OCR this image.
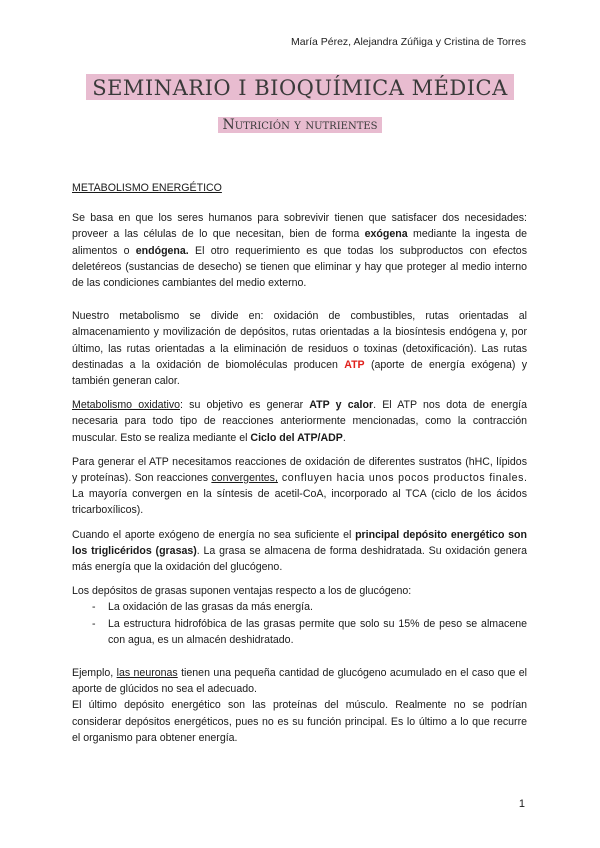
María Pérez, Alejandra Zúñiga y Cristina de Torres
SEMINARIO I BIOQUÍMICA MÉDICA
Nutrición y nutrientes
METABOLISMO ENERGÉTICO

Se basa en que los seres humanos para sobrevivir tienen que satisfacer dos necesidades: proveer a las células de lo que necesitan, bien de forma exógena mediante la ingesta de alimentos o endógena. El otro requerimiento es que todas los subproductos con efectos deletéreos (sustancias de desecho) se tienen que eliminar y hay que proteger al medio interno de las condiciones cambiantes del medio externo.

Nuestro metabolismo se divide en: oxidación de combustibles, rutas orientadas al almacenamiento y movilización de depósitos, rutas orientadas a la biosíntesis endógena y, por último, las rutas orientadas a la eliminación de residuos o toxinas (detoxificación). Las rutas destinadas a la oxidación de biomoléculas producen ATP (aporte de energía exógena) y también generan calor.

Metabolismo oxidativo: su objetivo es generar ATP y calor. El ATP nos dota de energía necesaria para todo tipo de reacciones anteriormente mencionadas, como la contracción muscular. Esto se realiza mediante el Ciclo del ATP/ADP.

Para generar el ATP necesitamos reacciones de oxidación de diferentes sustratos (hHC, lípidos y proteínas). Son reacciones convergentes, confluyen hacia unos pocos productos finales. La mayoría convergen en la síntesis de acetil-CoA, incorporado al TCA (ciclo de los ácidos tricarboxílicos).

Cuando el aporte exógeno de energía no sea suficiente el principal depósito energético son los triglicéridos (grasas). La grasa se almacena de forma deshidratada. Su oxidación genera más energía que la oxidación del glucógeno.

Los depósitos de grasas suponen ventajas respecto a los de glucógeno:

- La oxidación de las grasas da más energía.
- La estructura hidrofóbica de las grasas permite que solo su 15% de peso se almacene con agua, es un almacén deshidratado.

Ejemplo, las neuronas tienen una pequeña cantidad de glucógeno acumulado en el caso que el aporte de glúcidos no sea el adecuado.

El último depósito energético son las proteínas del músculo. Realmente no se podrían considerar depósitos energéticos, pues no es su función principal. Es lo último a lo que recurre el organismo para obtener energía.

1
